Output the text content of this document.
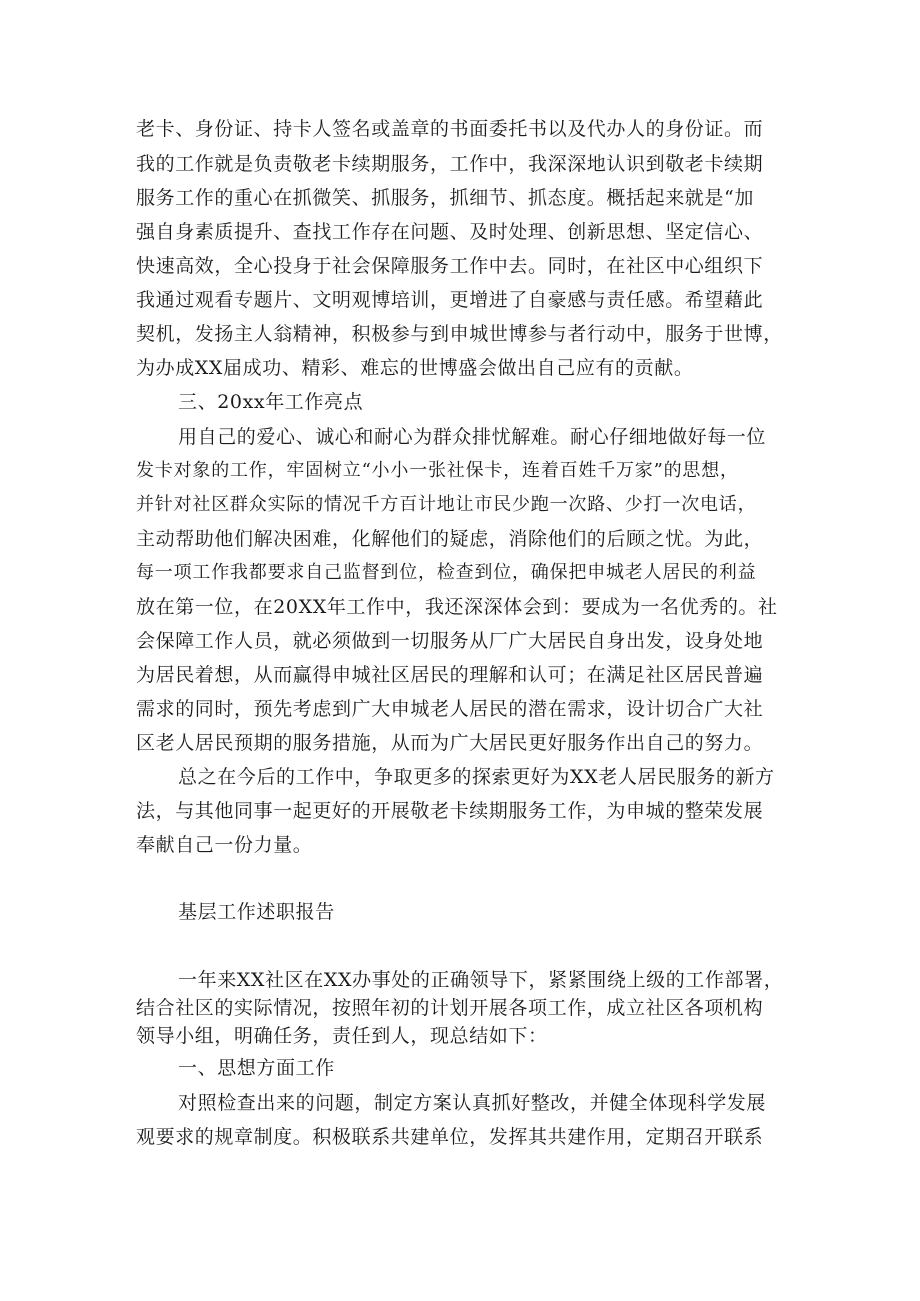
老卡、身份证、持卡人签名或盖章的书面委托书以及代办人的身份证。而
我的工作就是负责敬老卡续期服务，工作中，我深深地认识到敬老卡续期
服务工作的重心在抓微笑、抓服务，抓细节、抓态度。概括起来就是“加
强自身素质提升、查找工作存在问题、及时处理、创新思想、坚定信心、
快速高效，全心投身于社会保障服务工作中去。同时，在社区中心组织下
我通过观看专题片、文明观博培训，更增进了自豪感与责任感。希望藉此
契机，发扬主人翁精神，积极参与到申城世博参与者行动中，服务于世博，
为办成XX届成功、精彩、难忘的世博盛会做出自己应有的贡献。
三、20xx年工作亮点
用自己的爱心、诚心和耐心为群众排忧解难。耐心仔细地做好每一位
发卡对象的工作，牢固树立“小小一张社保卡，连着百姓千万家”的思想，
并针对社区群众实际的情况千方百计地让市民少跑一次路、少打一次电话，
主动帮助他们解决困难，化解他们的疑虑，消除他们的后顾之忧。为此，
每一项工作我都要求自己监督到位，检查到位，确保把申城老人居民的利益
放在第一位，在20XX年工作中，我还深深体会到：要成为一名优秀的。社
会保障工作人员，就必须做到一切服务从厂广大居民自身出发，设身处地
为居民着想，从而赢得申城社区居民的理解和认可；在满足社区居民普遍
需求的同时，预先考虑到广大申城老人居民的潜在需求，设计切合广大社
区老人居民预期的服务措施，从而为广大居民更好服务作出自己的努力。
总之在今后的工作中，争取更多的探索更好为XX老人居民服务的新方
法，与其他同事一起更好的开展敬老卡续期服务工作，为申城的整荣发展
奉献自己一份力量。
基层工作述职报告
一年来XX社区在XX办事处的正确领导下，紧紧围绕上级的工作部署，
结合社区的实际情况，按照年初的计划开展各项工作，成立社区各项机构
领导小组，明确任务，责任到人，现总结如下：
一、思想方面工作
对照检查出来的问题，制定方案认真抓好整改，并健全体现科学发展
观要求的规章制度。积极联系共建单位，发挥其共建作用，定期召开联系
